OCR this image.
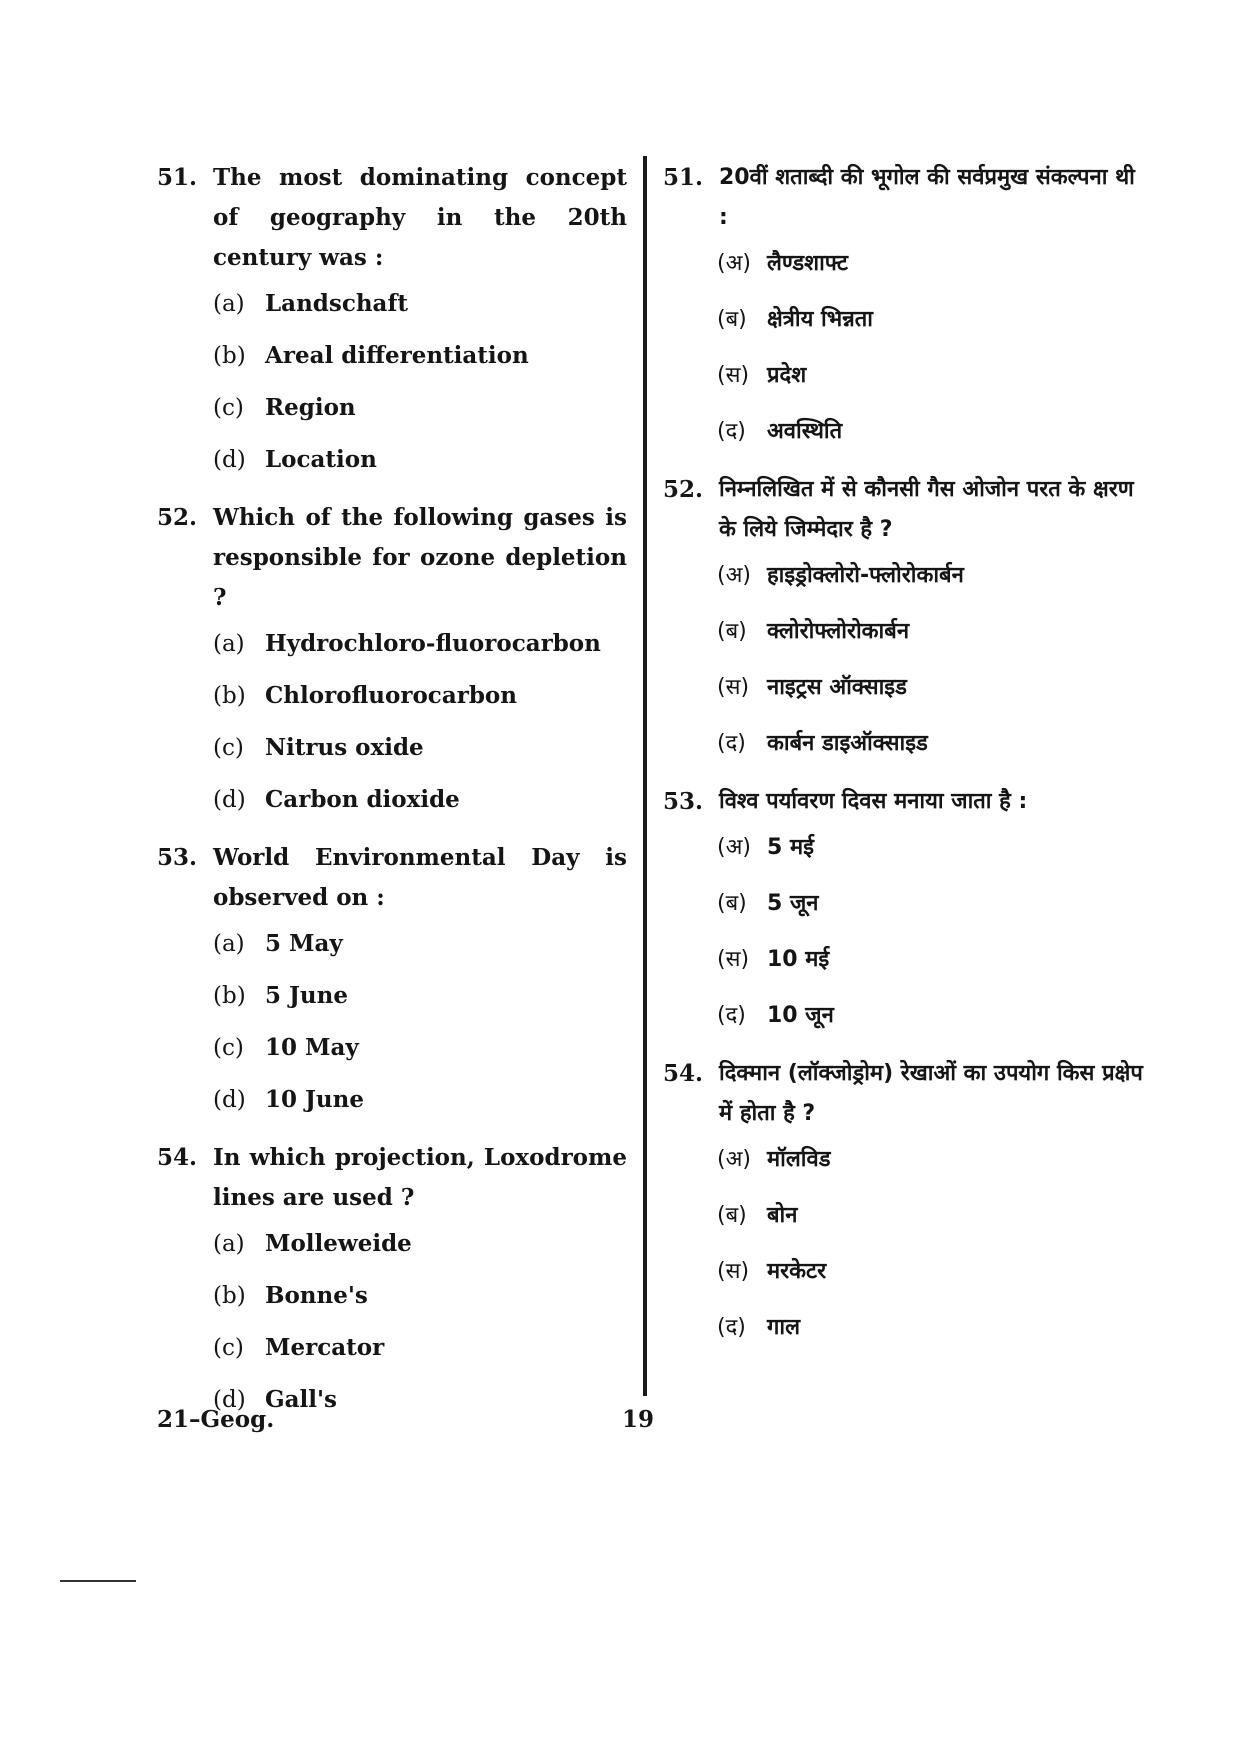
51. The most dominating concept of geography in the 20th century was :
(a) Landschaft
(b) Areal differentiation
(c) Region
(d) Location
52. Which of the following gases is responsible for ozone depletion ?
(a) Hydrochloro-fluorocarbon
(b) Chlorofluorocarbon
(c) Nitrus oxide
(d) Carbon dioxide
53. World Environmental Day is observed on :
(a) 5 May
(b) 5 June
(c) 10 May
(d) 10 June
54. In which projection, Loxodrome lines are used ?
(a) Molleweide
(b) Bonne's
(c) Mercator
(d) Gall's
51. 20वीं शताब्दी की भूगोल की सर्वप्रमुख संकल्पना थी :
(अ) लैण्डशाफ्ट
(ब) क्षेत्रीय भिन्नता
(स) प्रदेश
(द) अवस्थिति
52. निम्नलिखित में से कौनसी गैस ओजोन परत के क्षरण के लिये जिम्मेदार है ?
(अ) हाइड्रोक्लोरो-फ्लोरोकार्बन
(ब) क्लोरोफ्लोरोकार्बन
(स) नाइट्रस ऑक्साइड
(द) कार्बन डाइऑक्साइड
53. विश्व पर्यावरण दिवस मनाया जाता है :
(अ) 5 मई
(ब) 5 जून
(स) 10 मई
(द) 10 जून
54. दिक्मान (लॉक्जोड्रोम) रेखाओं का उपयोग किस प्रक्षेप में होता है ?
(अ) मॉलविड
(ब) बोन
(स) मरकेटर
(द) गाल
21–Geog.	19
